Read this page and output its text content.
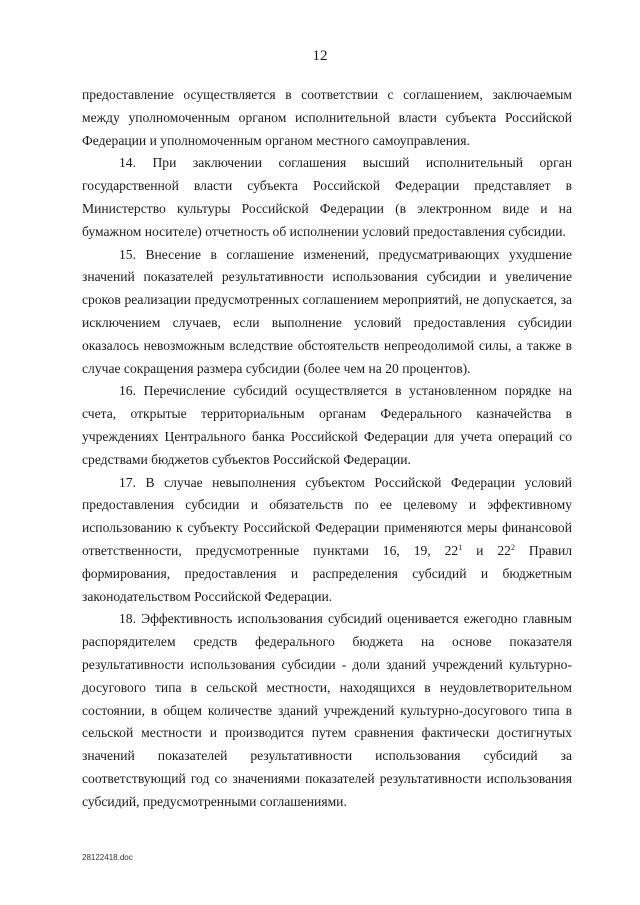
12

предоставление осуществляется в соответствии с соглашением, заключаемым между уполномоченным органом исполнительной власти субъекта Российской Федерации и уполномоченным органом местного самоуправления.

14. При заключении соглашения высший исполнительный орган государственной власти субъекта Российской Федерации представляет в Министерство культуры Российской Федерации (в электронном виде и на бумажном носителе) отчетность об исполнении условий предоставления субсидии.

15. Внесение в соглашение изменений, предусматривающих ухудшение значений показателей результативности использования субсидии и увеличение сроков реализации предусмотренных соглашением мероприятий, не допускается, за исключением случаев, если выполнение условий предоставления субсидии оказалось невозможным вследствие обстоятельств непреодолимой силы, а также в случае сокращения размера субсидии (более чем на 20 процентов).

16. Перечисление субсидий осуществляется в установленном порядке на счета, открытые территориальным органам Федерального казначейства в учреждениях Центрального банка Российской Федерации для учета операций со средствами бюджетов субъектов Российской Федерации.

17. В случае невыполнения субъектом Российской Федерации условий предоставления субсидии и обязательств по ее целевому и эффективному использованию к субъекту Российской Федерации применяются меры финансовой ответственности, предусмотренные пунктами 16, 19, $22^1$ и $22^2$ Правил формирования, предоставления и распределения субсидий и бюджетным законодательством Российской Федерации.

18. Эффективность использования субсидий оценивается ежегодно главным распорядителем средств федерального бюджета на основе показателя результативности использования субсидии - доли зданий учреждений культурно-досугового типа в сельской местности, находящихся в неудовлетворительном состоянии, в общем количестве зданий учреждений культурно-досугового типа в сельской местности и производится путем сравнения фактически достигнутых значений показателей результативности использования субсидий за соответствующий год со значениями показателей результативности использования субсидий, предусмотренными соглашениями.

28122418.doc
